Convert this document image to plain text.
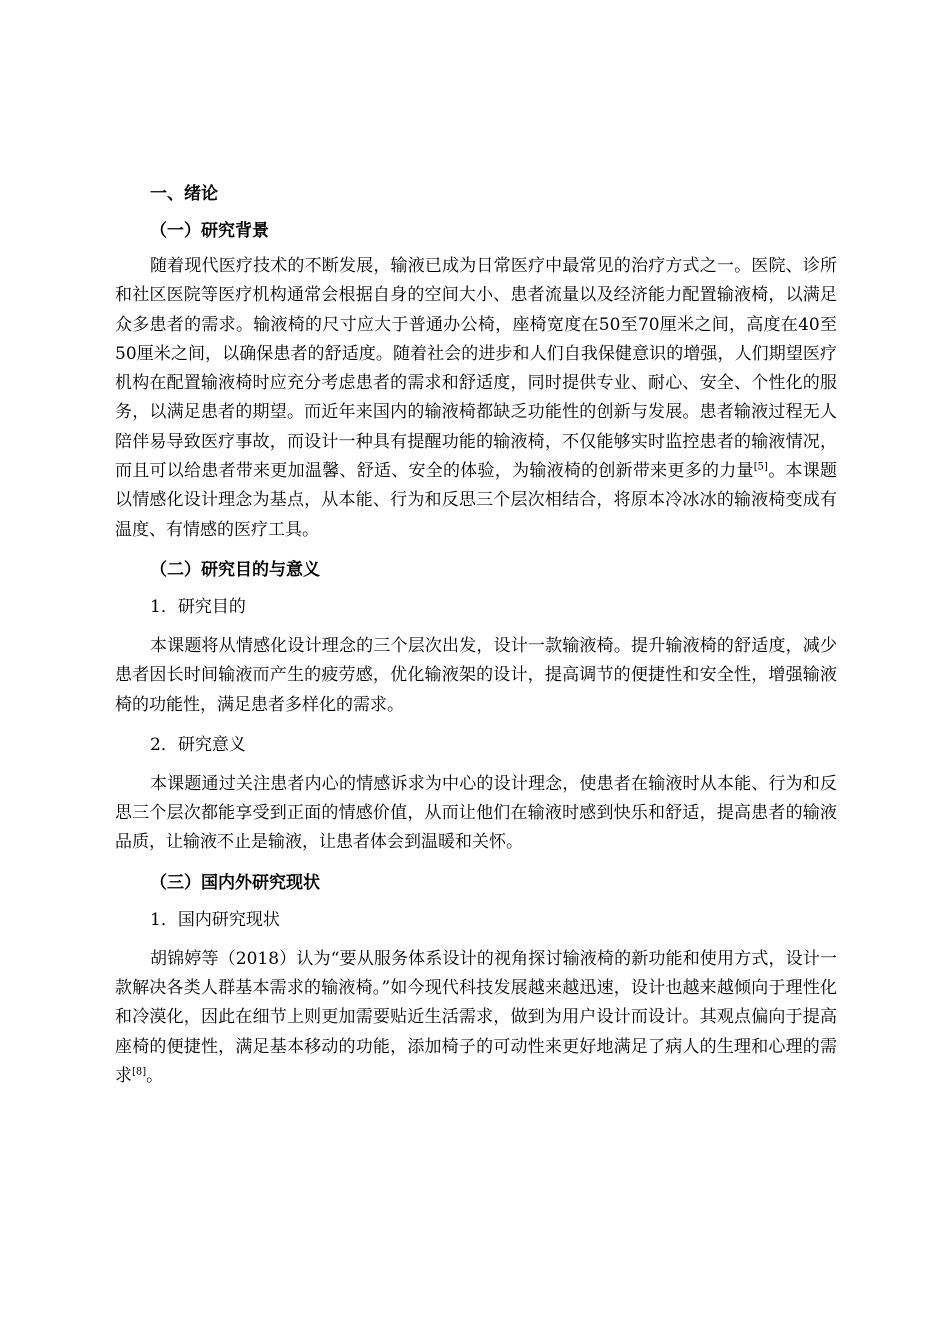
一、绪论
（一）研究背景

随着现代医疗技术的不断发展，输液已成为日常医疗中最常见的治疗方式之一。医院、诊所和社区医院等医疗机构通常会根据自身的空间大小、患者流量以及经济能力配置输液椅，以满足众多患者的需求。输液椅的尺寸应大于普通办公椅，座椅宽度在50至70厘米之间，高度在40至50厘米之间，以确保患者的舒适度。随着社会的进步和人们自我保健意识的增强，人们期望医疗机构在配置输液椅时应充分考虑患者的需求和舒适度，同时提供专业、耐心、安全、个性化的服务，以满足患者的期望。而近年来国内的输液椅都缺乏功能性的创新与发展。患者输液过程无人陪伴易导致医疗事故，而设计一种具有提醒功能的输液椅，不仅能够实时监控患者的输液情况，而且可以给患者带来更加温馨、舒适、安全的体验，为输液椅的创新带来更多的力量[5]。本课题以情感化设计理念为基点，从本能、行为和反思三个层次相结合，将原本冷冰冰的输液椅变成有温度、有情感的医疗工具。

（二）研究目的与意义

1．研究目的

本课题将从情感化设计理念的三个层次出发，设计一款输液椅。提升输液椅的舒适度，减少患者因长时间输液而产生的疲劳感，优化输液架的设计，提高调节的便捷性和安全性，增强输液椅的功能性，满足患者多样化的需求。

2．研究意义

本课题通过关注患者内心的情感诉求为中心的设计理念，使患者在输液时从本能、行为和反思三个层次都能享受到正面的情感价值，从而让他们在输液时感到快乐和舒适，提高患者的输液品质，让输液不止是输液，让患者体会到温暖和关怀。

（三）国内外研究现状

1．国内研究现状

胡锦婷等（2018）认为“要从服务体系设计的视角探讨输液椅的新功能和使用方式，设计一款解决各类人群基本需求的输液椅。”如今现代科技发展越来越迅速，设计也越来越倾向于理性化和冷漠化，因此在细节上则更加需要贴近生活需求，做到为用户设计而设计。其观点偏向于提高座椅的便捷性，满足基本移动的功能，添加椅子的可动性来更好地满足了病人的生理和心理的需求[8]。
